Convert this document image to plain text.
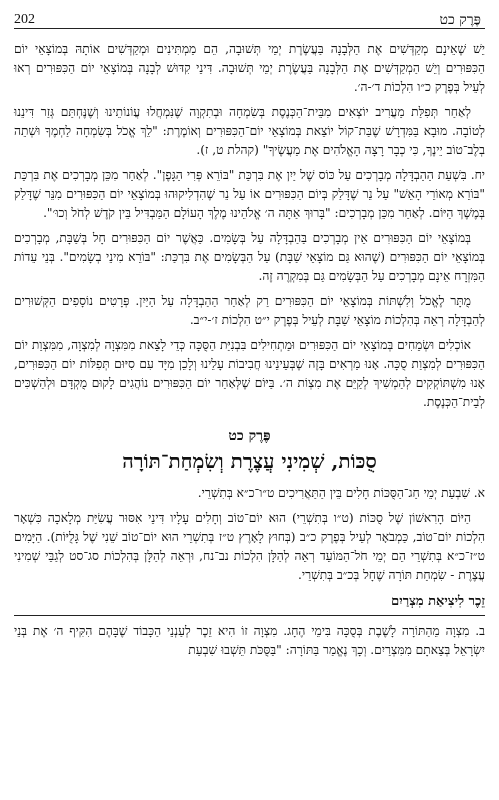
202	פֶּרֶק כט

יֵשׁ שֶׁאֵינָם מְקַדְּשִׁים אֶת הַלְּבָנָה בַּעֲשֶׂרֶת יְמֵי תְּשׁוּבָה, הֵם מַמְתִּינִים וּמְקַדְּשִׁים אוֹתָהּ בְּמוֹצָאֵי יוֹם הַכִּפּוּרִים וְיֵשׁ הַמְקַדְּשִׁים אֶת הַלְּבָנָה בַּעֲשֶׂרֶת יְמֵי תְּשׁוּבָה. דִּינֵי קִדּוּשׁ לְבָנָה בְּמוֹצָאֵי יוֹם הַכִּפּוּרִים רְאוּ לְעֵיל בְּפֶרֶק כ״ו הִלְכוֹת ד׳-ה׳.

לְאַחַר תְּפִלַּת מַעֲרִיב יוֹצְאִים מִבֵּית־הַכְּנֶסֶת בְּשִׂמְחָה וּבְתִקְוָה שֶׁנִּמְחֲלוּ עֲוֹנוֹתֵינוּ וְשֶׁנֶּחְתַּם גְּזַר דִּינֵנוּ לְטוֹבָה. מוּבָא בַּמִּדְרָשׁ שֶׁבַּת־קוֹל יוֹצֵאת בְּמוֹצָאֵי יוֹם־הַכִּפּוּרִים וְאוֹמֶרֶת: "לֵךְ אֱכֹל בְּשִׂמְחָה לַחְמֶךָ וּשְׁתֵה בְלֶב־טוֹב יֵינֶךָ, כִּי כְבָר רָצָה הָאֱלֹהִים אֶת מַעֲשֶׂיךָ" (קהלת ט, ז).

יח. בִּשְׁעַת הַהַבְדָּלָה מְבָרְכִים עַל כּוֹס שֶׁל יַיִן אֶת בִּרְכַּת "בּוֹרֵא פְּרִי הַגָּפֶן". לְאַחַר מִכֵּן מְבָרְכִים אֶת בִּרְכַּת "בּוֹרֵא מְאוֹרֵי הָאֵשׁ" עַל נֵר שֶׁדָּלַק בְּיוֹם הַכִּפּוּרִים אוֹ עַל נֵר שֶׁהִדְלִיקוּהוּ בְּמוֹצָאֵי יוֹם הַכִּפּוּרִים מִנֵּר שֶׁדָּלַק בְּמֶשֶׁךְ הַיּוֹם. לְאַחַר מִכֵּן מְבָרְכִים: "בָּרוּךְ אַתָּה ה׳ אֱלֹהֵינוּ מֶלֶךְ הָעוֹלָם הַמַּבְדִּיל בֵּין קֹדֶשׁ לְחֹל וְכוּ׳".

בְּמוֹצָאֵי יוֹם הַכִּפּוּרִים אֵין מְבָרְכִים בַּהַבְדָּלָה עַל בְּשָׂמִים. כַּאֲשֶׁר יוֹם הַכִּפּוּרִים חָל בְּשַׁבָּת, מְבָרְכִים בְּמוֹצָאֵי יוֹם הַכִּפּוּרִים (שֶׁהוּא גַּם מוֹצָאֵי שַׁבָּת) עַל הַבְּשָׂמִים אֶת בִּרְכַּת: "בּוֹרֵא מִינֵי בְשָׂמִים". בְּנֵי עֵדוֹת הַמִּזְרָח אֵינָם מְבָרְכִים עַל הַבְּשָׂמִים גַּם בְּמִקְרֶה זֶה.

מֻתָּר לֶאֱכֹל וְלִשְׁתּוֹת בְּמוֹצָאֵי יוֹם הַכִּפּוּרִים רַק לְאַחַר הַהַבְדָּלָה עַל הַיַּיִן. פְּרָטִים נוֹסָפִים הַקְּשׁוּרִים לְהַבְדָּלָה רְאֵה בְּהִלְכוֹת מוֹצָאֵי שַׁבָּת לְעֵיל בְּפֶרֶק י״ט הִלְכוֹת ז׳-י״ב.

אוֹכְלִים וּשְׂמֵחִים בְּמוֹצָאֵי יוֹם הַכִּפּוּרִים וּמַתְחִילִים בִּבְנִיַּת הַסֻּכָּה כְּדֵי לָצֵאת מִמִּצְוָה לְמִצְוָה, מִמִּצְוַת יוֹם הַכִּפּוּרִים לְמִצְוַת סֻכָּה. אָנוּ מַרְאִים בָּזֶה שֶׁבְּעֵינֵינוּ חֲבִיבוֹת עָלֵינוּ וְלָכֵן מִיָּד עִם סִיּוּם תְּפִלּוֹת יוֹם הַכִּפּוּרִים, אָנוּ מִשְׁתּוֹקְקִים לְהַמְשִׁיךְ לְקַיֵּם אֶת מִצְוֹת ה׳. בַּיּוֹם שֶׁלְּאַחַר יוֹם הַכִּפּוּרִים נוֹהֲגִים לָקוּם מֻקְדָּם וּלְהַשְׁכִּים לְבֵית־הַכְּנֶסֶת.

פֶּרֶק כט
סֻכּוֹת, שְׁמִינִי עֲצֶרֶת וְשִׂמְחַת־תּוֹרָה

א. שִׁבְעַת יְמֵי חַג־הַסֻּכּוֹת חָלִים בֵּין הַתַּאֲרִיכִים ט״ו־כ״א בְּתִשְׁרֵי.

הַיּוֹם הָרִאשׁוֹן שֶׁל סֻכּוֹת (ט״ו בְּתִשְׁרֵי) הוּא יוֹם־טוֹב וְחָלִים עָלָיו דִּינֵי אִסּוּר עֲשִׂיַּת מְלָאכָה כִּשְׁאָר הִלְכוֹת יוֹם־טוֹב, כַּמְבֹאָר לְעֵיל בְּפֶרֶק כ״ב (בְּחוּץ לָאָרֶץ ט״ז בְּתִשְׁרֵי הוּא יוֹם־טוֹב שֵׁנִי שֶׁל גָּלֻיּוֹת). הַיָּמִים ט״ז־כ״א בְּתִשְׁרֵי הֵם יְמֵי חֹל־הַמּוֹעֵד רְאֵה לְהַלָּן הִלְכוֹת נב־נח, וּרְאֵה לְהַלָּן בְּהִלְכוֹת סג־סט לְגַבֵּי שְׁמִינִי עֲצֶרֶת - שִׂמְחַת תּוֹרָה שֶׁחָל בְּכ״ב בְּתִשְׁרֵי.

זֵכֶר לִיצִיאַת מִצְרַיִם

ב. מִצְוָה מֵהַתּוֹרָה לָשֶׁבֶת בְּסֻכָּה בִּימֵי הֶחָג. מִצְוָה זוֹ הִיא זֵכֶר לְעַנְנֵי הַכָּבוֹד שֶׁבָּהֶם הִקִּיף ה׳ אֶת בְּנֵי יִשְׂרָאֵל בְּצֵאתָם מִמִּצְרַיִם. וְכָךְ נֶאֱמַר בַּתּוֹרָה: "בַּסֻּכֹּת תֵּשְׁבוּ שִׁבְעַת
